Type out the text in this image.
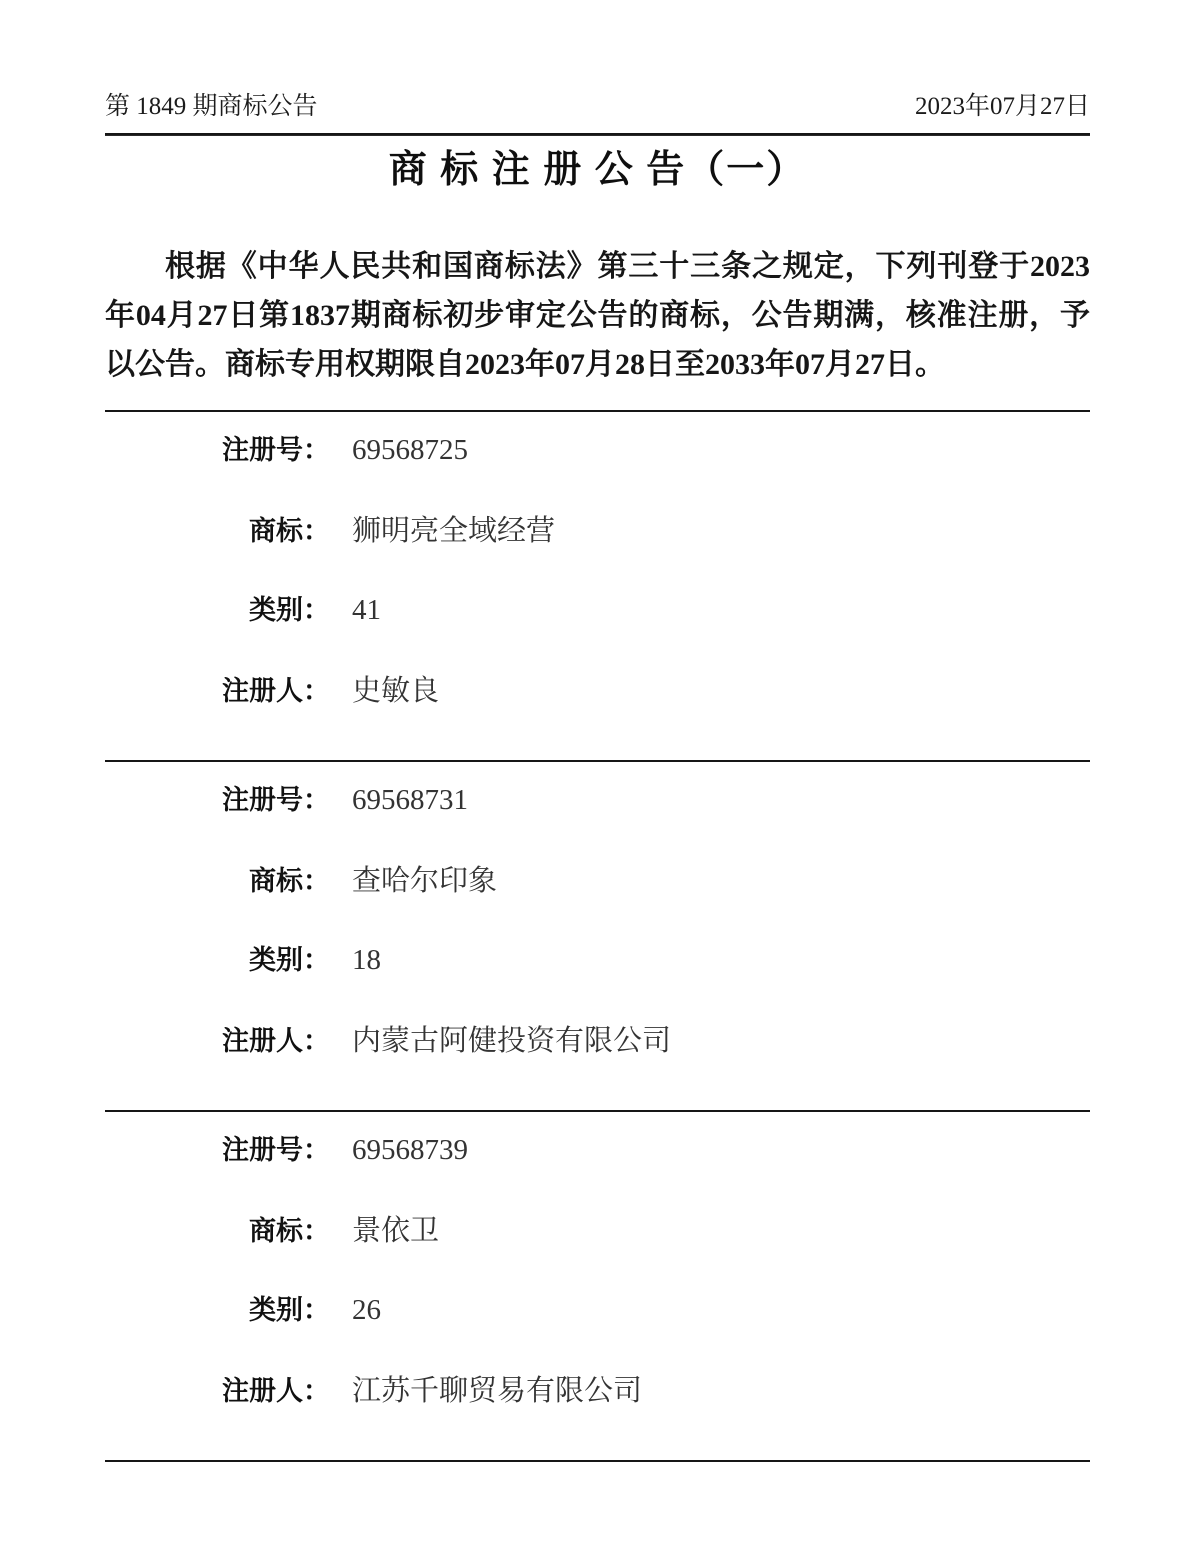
第 1849 期商标公告	2023年07月27日
商 标 注 册 公 告（一）

根据《中华人民共和国商标法》第三十三条之规定，下列刊登于2023年04月27日第1837期商标初步审定公告的商标，公告期满，核准注册，予以公告。商标专用权期限自2023年07月28日至2033年07月27日。

注册号： 69568725
商标： 狮明亮全域经营
类别： 41
注册人： 史敏良
注册号： 69568731
商标： 查哈尔印象
类别： 18
注册人： 内蒙古阿健投资有限公司
注册号： 69568739
商标： 景依卫
类别： 26
注册人： 江苏千聊贸易有限公司
